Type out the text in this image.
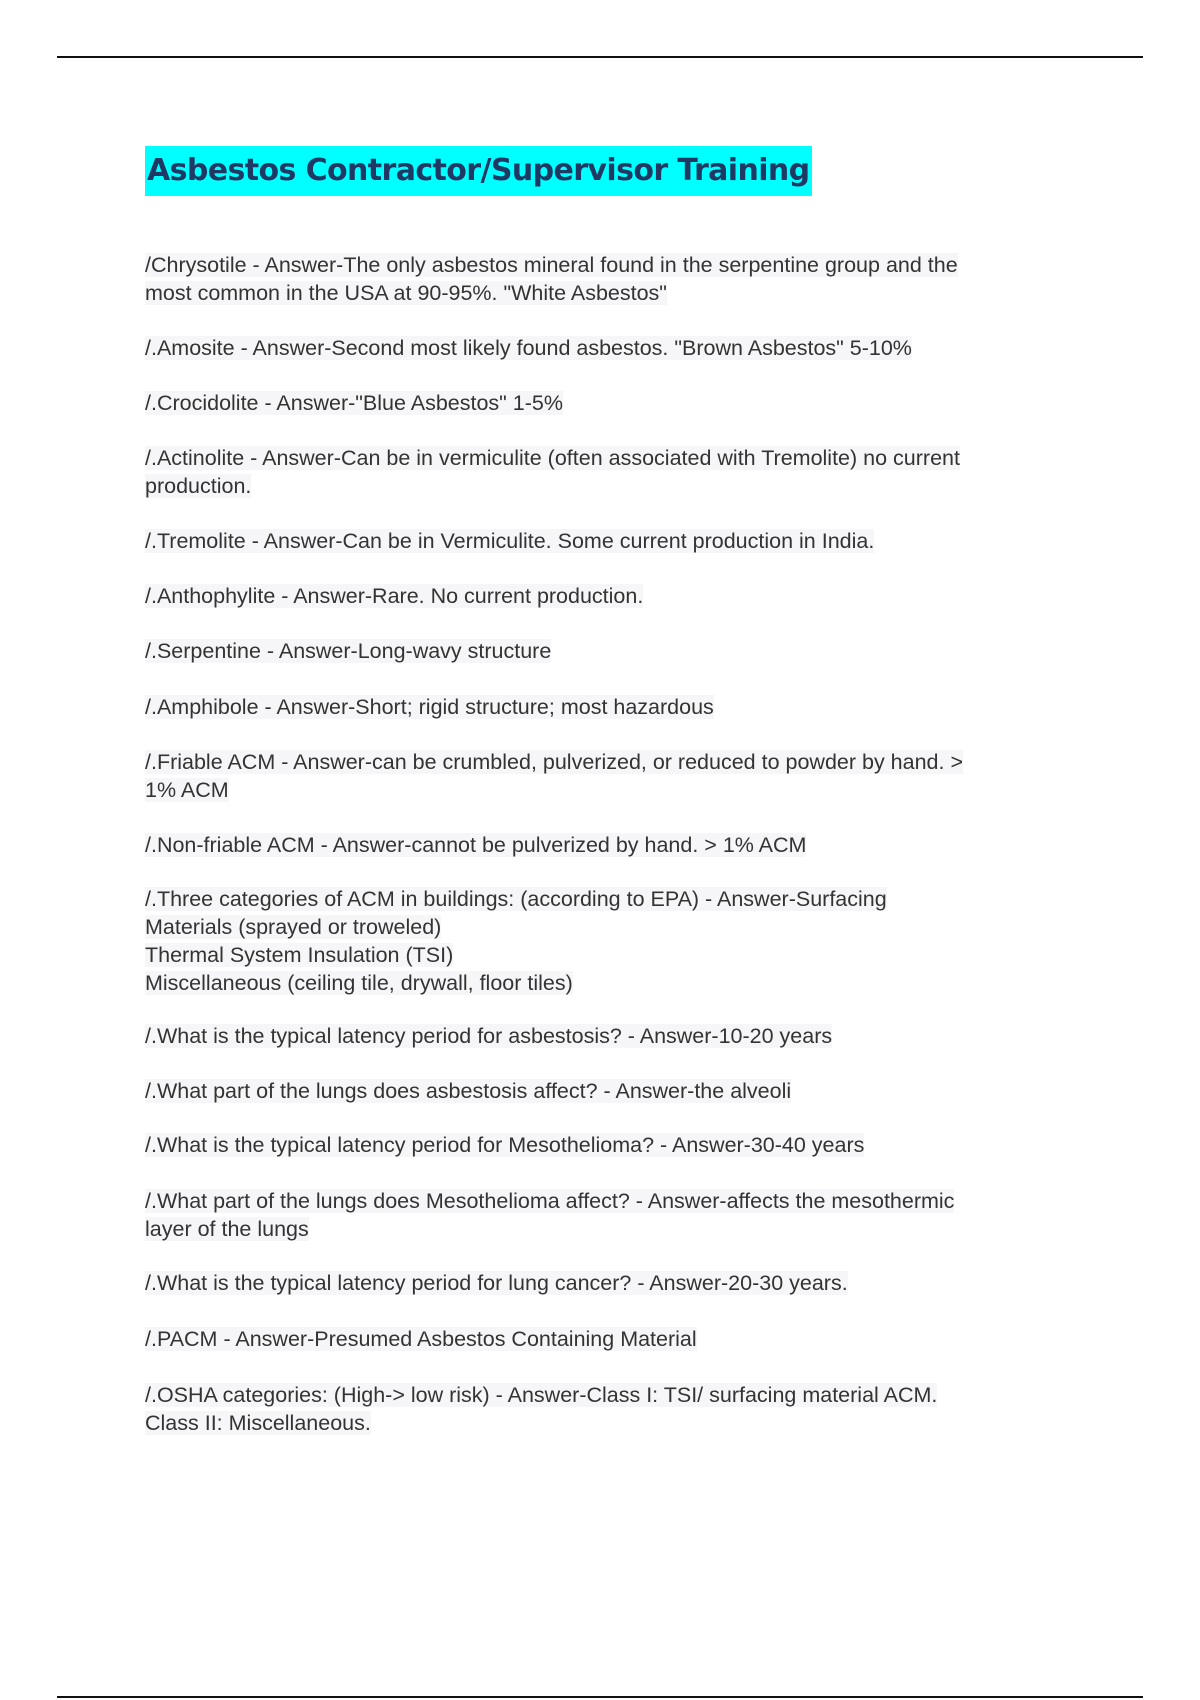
Asbestos Contractor/Supervisor Training
/Chrysotile - Answer-The only asbestos mineral found in the serpentine group and the
most common in the USA at 90-95%. "White Asbestos"
/.Amosite - Answer-Second most likely found asbestos. "Brown Asbestos" 5-10%
/.Crocidolite - Answer-"Blue Asbestos" 1-5%
/.Actinolite - Answer-Can be in vermiculite (often associated with Tremolite) no current
production.
/.Tremolite - Answer-Can be in Vermiculite. Some current production in India.
/.Anthophylite - Answer-Rare. No current production.
/.Serpentine - Answer-Long-wavy structure
/.Amphibole - Answer-Short; rigid structure; most hazardous
/.Friable ACM - Answer-can be crumbled, pulverized, or reduced to powder by hand. >
1% ACM
/.Non-friable ACM - Answer-cannot be pulverized by hand. > 1% ACM
/.Three categories of ACM in buildings: (according to EPA) - Answer-Surfacing
Materials (sprayed or troweled)
Thermal System Insulation (TSI)
Miscellaneous (ceiling tile, drywall, floor tiles)
/.What is the typical latency period for asbestosis? - Answer-10-20 years
/.What part of the lungs does asbestosis affect? - Answer-the alveoli
/.What is the typical latency period for Mesothelioma? - Answer-30-40 years
/.What part of the lungs does Mesothelioma affect? - Answer-affects the mesothermic
layer of the lungs
/.What is the typical latency period for lung cancer? - Answer-20-30 years.
/.PACM - Answer-Presumed Asbestos Containing Material
/.OSHA categories: (High-> low risk) - Answer-Class I: TSI/ surfacing material ACM.
Class II: Miscellaneous.
